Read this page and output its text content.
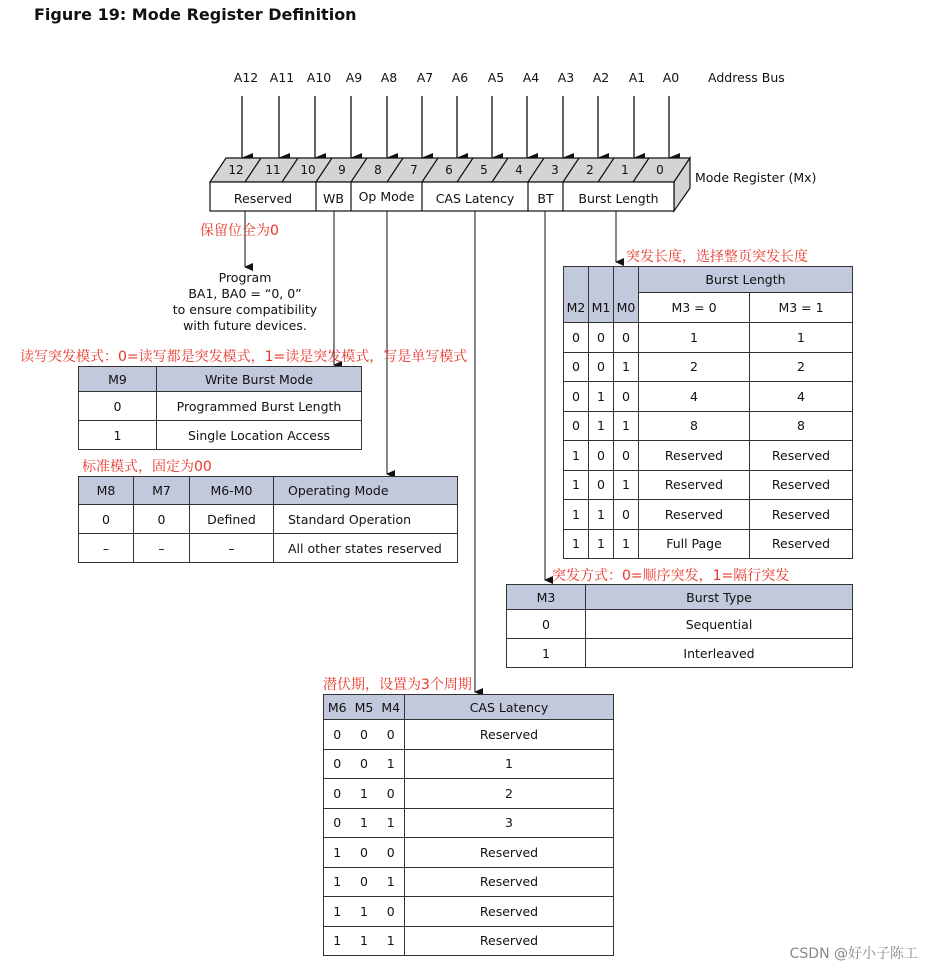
Figure 19: Mode Register Definition
A12 A11	A10	A9	A8	A7	A6	A5	A4	A3	A2	A1	A0	Address Bus
12 11 10	9	8	7	6	5	4	3	2	1	0
Reserved	WB	Op Mode	CAS Latency	BT	Burst Length
Mode Register (Mx)
保留位全为0
突发长度，选择整页突发长度
读写突发模式：0=读写都是突发模式，1=读是突发模式，写是单写模式
标准模式，固定为00
突发方式：0=顺序突发，1=隔行突发
潜伏期，设置为3个周期
Program
BA1, BA0 = “0, 0”
to ensure compatibility
with future devices.
M9	Write Burst Mode
0	Programmed Burst Length
1	Single Location Access
M8	M7	M6-M0	Operating Mode
0	0	Defined	Standard Operation
–	–	–	All other states reserved
			Burst Length	
M2	M1	M0	M3 = 0	M3 = 1
0	0	0	1	1
0	0	1	2	2
0	1	0	4	4
0	1	1	8	8
1	0	0	Reserved	Reserved
1	0	1	Reserved	Reserved
1	1	0	Reserved	Reserved
1	1	1	Full Page	Reserved
M3	Burst Type
0	Sequential
1	Interleaved
M6	M5	M4	CAS Latency
0	0	0	Reserved
0	0	1	1
0	1	0	2
0	1	1	3
1	0	0	Reserved
1	0	1	Reserved
1	1	0	Reserved
1	1	1	Reserved
CSDN @好小子陈工
